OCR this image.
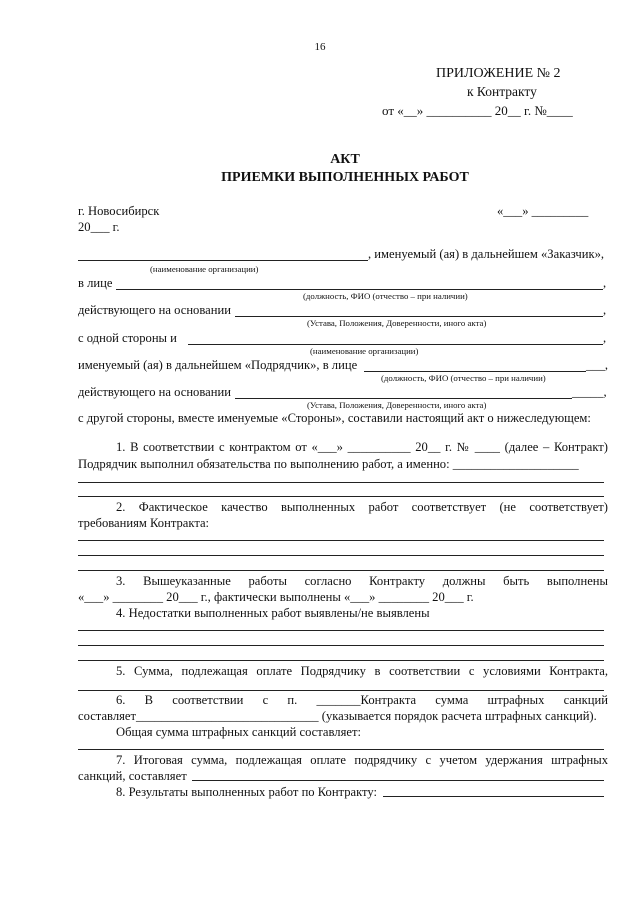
16
ПРИЛОЖЕНИЕ № 2
к Контракту
от «__» __________ 20__ г. №____
АКТ
ПРИЕМКИ ВЫПОЛНЕННЫХ РАБОТ
г. Новосибирск	«___» _________
20___ г.
, именуемый (ая) в дальнейшем «Заказчик»,
(наименование организации)
в лице	,
(должность, ФИО (отчество – при наличии)
действующего на основании	,
(Устава, Положения, Доверенности, иного акта)
с одной стороны и	,
(наименование организации)
именуемый (ая) в дальнейшем «Подрядчик», в лице	___,
(должность, ФИО (отчество – при наличии)
действующего на основании	_____,
(Устава, Положения, Доверенности, иного акта)
с другой стороны, вместе именуемые «Стороны», составили настоящий акт о нижеследующем:
1. В соответствии с контрактом от «___» __________ 20__ г. № ____ (далее – Контракт)
Подрядчик выполнил обязательства по выполнению работ, а именно: ____________________
2. Фактическое качество выполненных работ соответствует (не соответствует)
требованиям Контракта:
3. Вышеуказанные работы согласно Контракту должны быть выполнены
«___» ________ 20___ г., фактически выполнены «___» ________ 20___ г.
4. Недостатки выполненных работ выявлены/не выявлены
5. Сумма, подлежащая оплате Подрядчику в соответствии с условиями Контракта,
6. В соответствии с п. _______Контракта сумма штрафных санкций
составляет_____________________________ (указывается порядок расчета штрафных санкций).
Общая сумма штрафных санкций составляет:
7. Итоговая сумма, подлежащая оплате подрядчику с учетом удержания штрафных
санкций, составляет
8. Результаты выполненных работ по Контракту:
